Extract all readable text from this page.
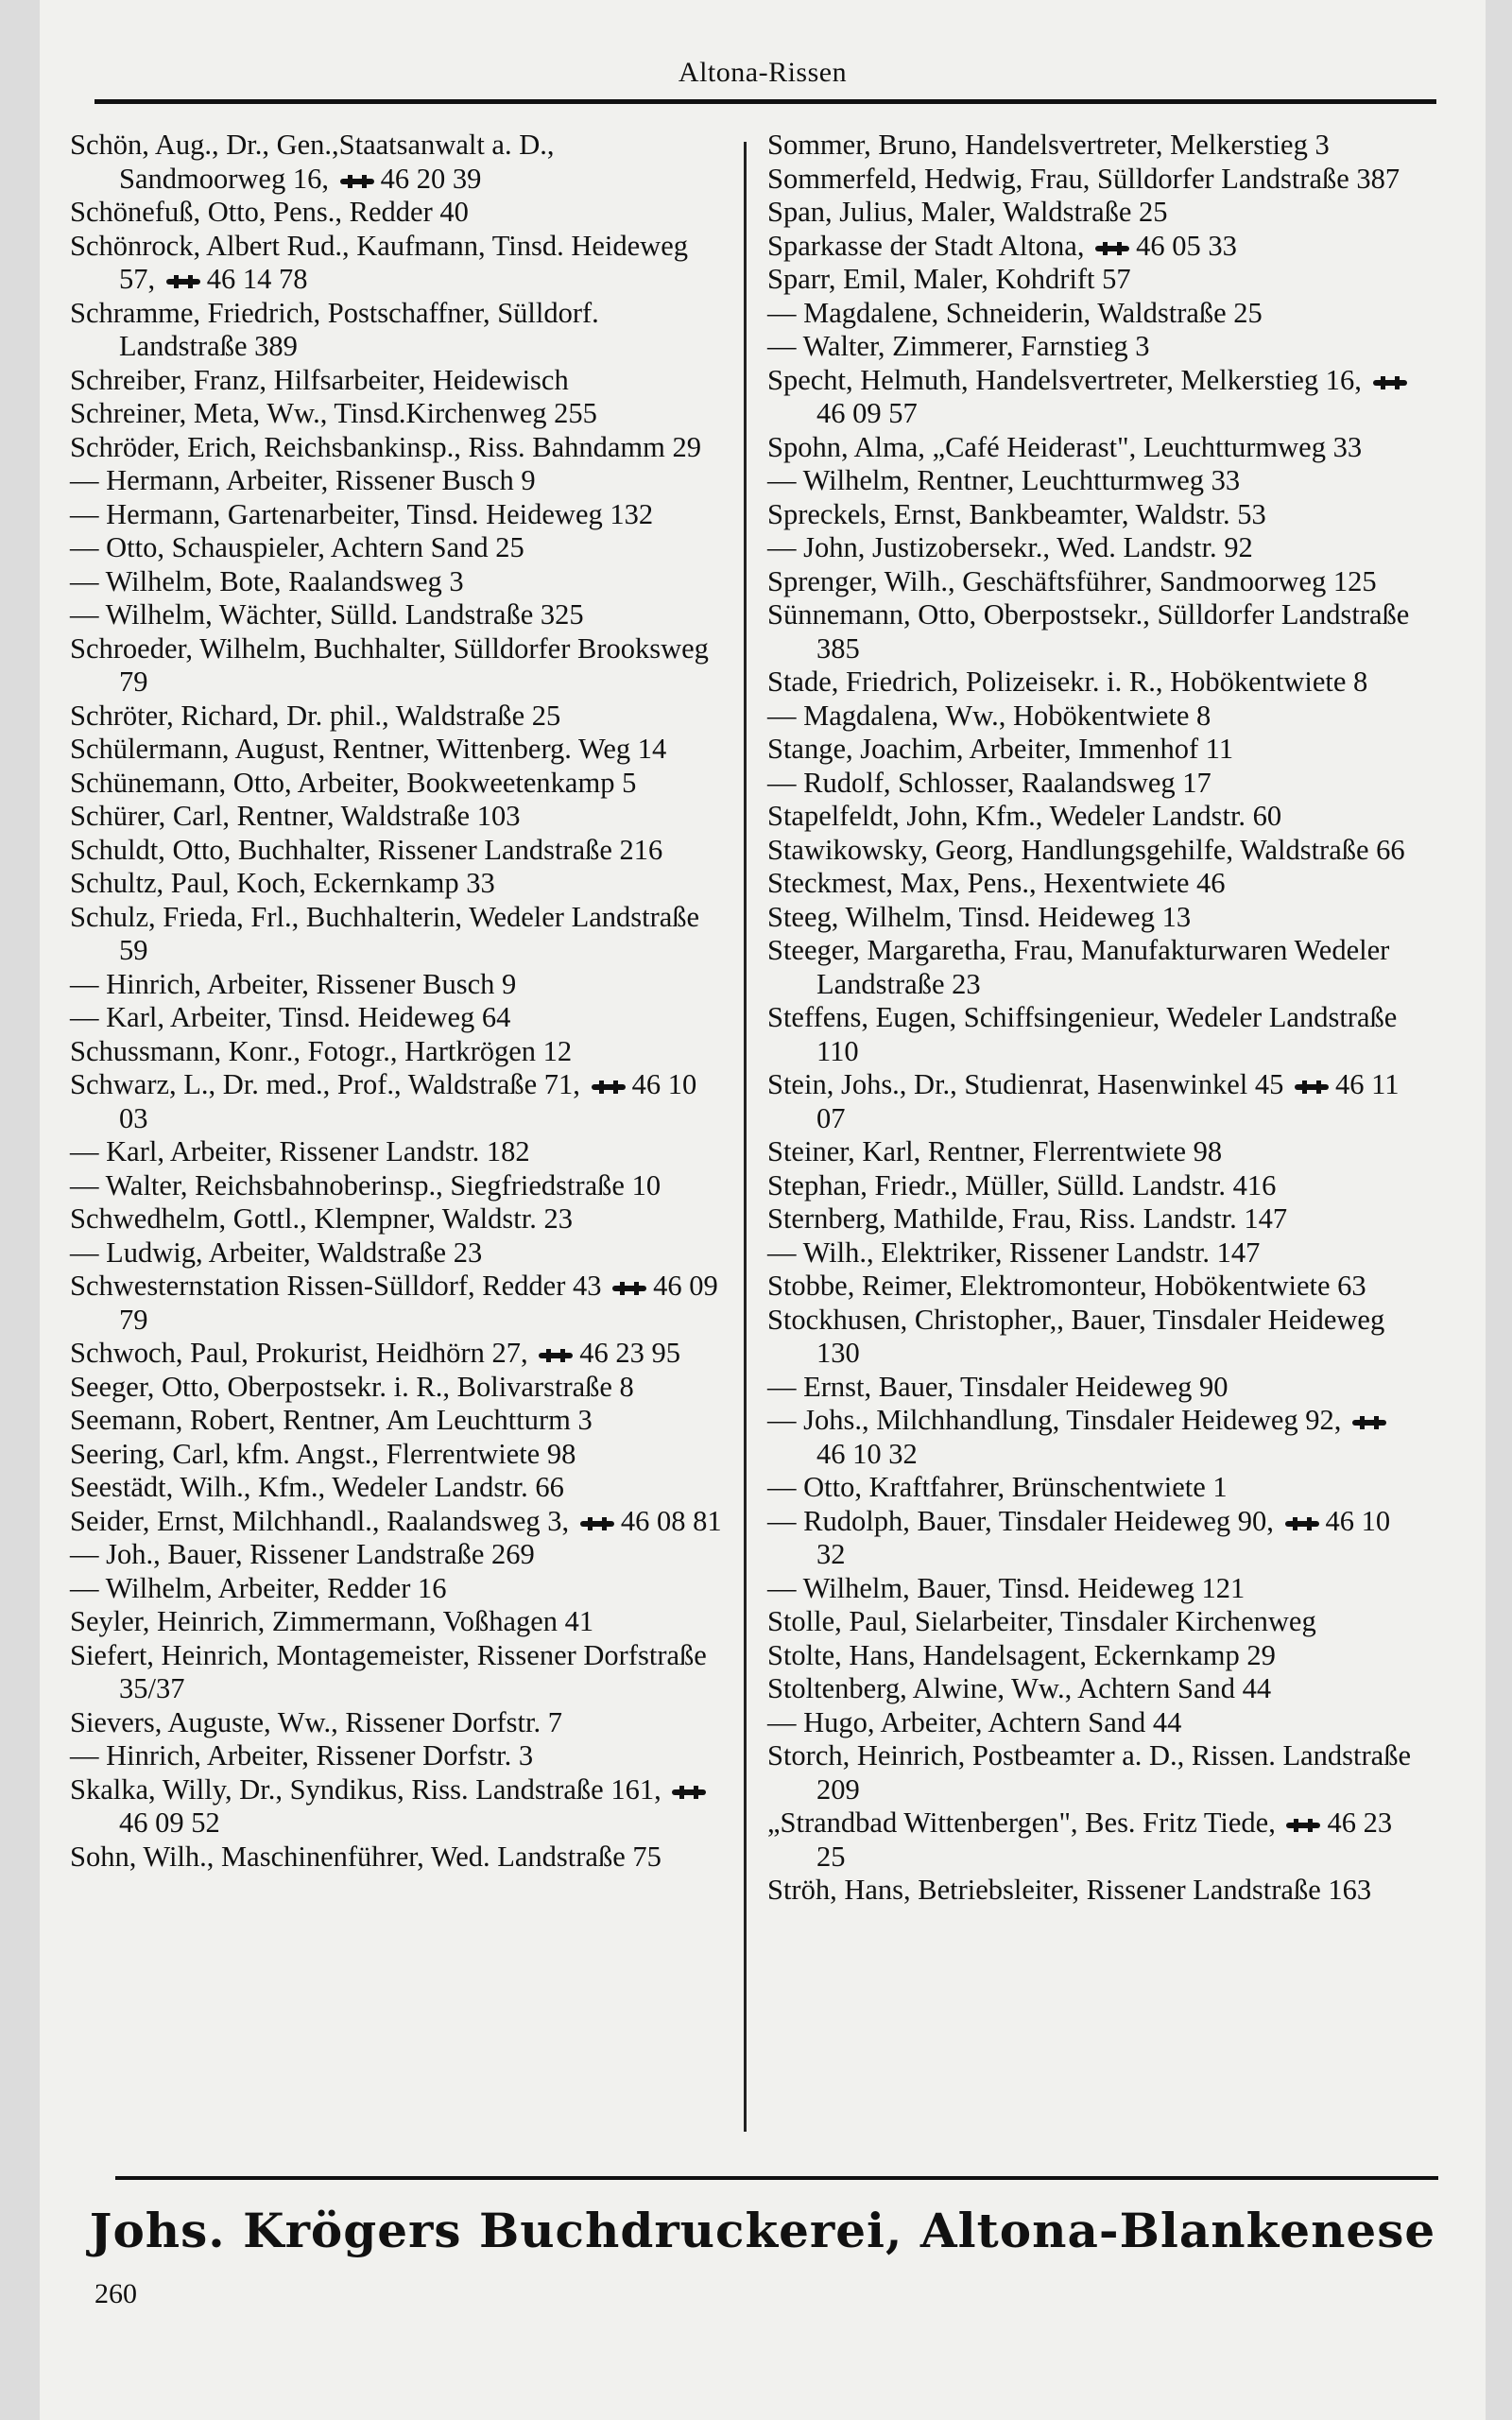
Altona-Rissen

Schön, Aug., Dr., Gen.,Staatsanwalt a. D., Sandmoorweg 16, 46 20 39

Schönefuß, Otto, Pens., Redder 40

Schönrock, Albert Rud., Kaufmann, Tinsd. Heideweg 57, 46 14 78

Schramme, Friedrich, Postschaffner, Sülldorf. Landstraße 389

Schreiber, Franz, Hilfsarbeiter, Heidewisch

Schreiner, Meta, Ww., Tinsd.Kirchenweg 255

Schröder, Erich, Reichsbankinsp., Riss. Bahndamm 29

— Hermann, Arbeiter, Rissener Busch 9

— Hermann, Gartenarbeiter, Tinsd. Heideweg 132

— Otto, Schauspieler, Achtern Sand 25

— Wilhelm, Bote, Raalandsweg 3

— Wilhelm, Wächter, Sülld. Landstraße 325

Schroeder, Wilhelm, Buchhalter, Sülldorfer Brooksweg 79

Schröter, Richard, Dr. phil., Waldstraße 25

Schülermann, August, Rentner, Wittenberg. Weg 14

Schünemann, Otto, Arbeiter, Bookweetenkamp 5

Schürer, Carl, Rentner, Waldstraße 103

Schuldt, Otto, Buchhalter, Rissener Landstraße 216

Schultz, Paul, Koch, Eckernkamp 33

Schulz, Frieda, Frl., Buchhalterin, Wedeler Landstraße 59

— Hinrich, Arbeiter, Rissener Busch 9

— Karl, Arbeiter, Tinsd. Heideweg 64

Schussmann, Konr., Fotogr., Hartkrögen 12

Schwarz, L., Dr. med., Prof., Waldstraße 71, 46 10 03

— Karl, Arbeiter, Rissener Landstr. 182

— Walter, Reichsbahnoberinsp., Siegfriedstraße 10

Schwedhelm, Gottl., Klempner, Waldstr. 23

— Ludwig, Arbeiter, Waldstraße 23

Schwesternstation Rissen-Sülldorf, Redder 43 46 09 79

Schwoch, Paul, Prokurist, Heidhörn 27, 46 23 95

Seeger, Otto, Oberpostsekr. i. R., Bolivarstraße 8

Seemann, Robert, Rentner, Am Leuchtturm 3

Seering, Carl, kfm. Angst., Flerrentwiete 98

Seestädt, Wilh., Kfm., Wedeler Landstr. 66

Seider, Ernst, Milchhandl., Raalandsweg 3, 46 08 81

— Joh., Bauer, Rissener Landstraße 269

— Wilhelm, Arbeiter, Redder 16

Seyler, Heinrich, Zimmermann, Voßhagen 41

Siefert, Heinrich, Montagemeister, Rissener Dorfstraße 35/37

Sievers, Auguste, Ww., Rissener Dorfstr. 7

— Hinrich, Arbeiter, Rissener Dorfstr. 3

Skalka, Willy, Dr., Syndikus, Riss. Landstraße 161, 46 09 52

Sohn, Wilh., Maschinenführer, Wed. Landstraße 75

Sommer, Bruno, Handelsvertreter, Melkerstieg 3

Sommerfeld, Hedwig, Frau, Sülldorfer Landstraße 387

Span, Julius, Maler, Waldstraße 25

Sparkasse der Stadt Altona, 46 05 33

Sparr, Emil, Maler, Kohdrift 57

— Magdalene, Schneiderin, Waldstraße 25

— Walter, Zimmerer, Farnstieg 3

Specht, Helmuth, Handelsvertreter, Melkerstieg 16, 46 09 57

Spohn, Alma, „Café Heiderast", Leuchtturmweg 33

— Wilhelm, Rentner, Leuchtturmweg 33

Spreckels, Ernst, Bankbeamter, Waldstr. 53

— John, Justizobersekr., Wed. Landstr. 92

Sprenger, Wilh., Geschäftsführer, Sandmoorweg 125

Sünnemann, Otto, Oberpostsekr., Sülldorfer Landstraße 385

Stade, Friedrich, Polizeisekr. i. R., Hobökentwiete 8

— Magdalena, Ww., Hobökentwiete 8

Stange, Joachim, Arbeiter, Immenhof 11

— Rudolf, Schlosser, Raalandsweg 17

Stapelfeldt, John, Kfm., Wedeler Landstr. 60

Stawikowsky, Georg, Handlungsgehilfe, Waldstraße 66

Steckmest, Max, Pens., Hexentwiete 46

Steeg, Wilhelm, Tinsd. Heideweg 13

Steeger, Margaretha, Frau, Manufakturwaren Wedeler Landstraße 23

Steffens, Eugen, Schiffsingenieur, Wedeler Landstraße 110

Stein, Johs., Dr., Studienrat, Hasenwinkel 45 46 11 07

Steiner, Karl, Rentner, Flerrentwiete 98

Stephan, Friedr., Müller, Sülld. Landstr. 416

Sternberg, Mathilde, Frau, Riss. Landstr. 147

— Wilh., Elektriker, Rissener Landstr. 147

Stobbe, Reimer, Elektromonteur, Hobökentwiete 63

Stockhusen, Christopher,, Bauer, Tinsdaler Heideweg 130

— Ernst, Bauer, Tinsdaler Heideweg 90

— Johs., Milchhandlung, Tinsdaler Heideweg 92, 46 10 32

— Otto, Kraftfahrer, Brünschentwiete 1

— Rudolph, Bauer, Tinsdaler Heideweg 90, 46 10 32

— Wilhelm, Bauer, Tinsd. Heideweg 121

Stolle, Paul, Sielarbeiter, Tinsdaler Kirchenweg

Stolte, Hans, Handelsagent, Eckernkamp 29

Stoltenberg, Alwine, Ww., Achtern Sand 44

— Hugo, Arbeiter, Achtern Sand 44

Storch, Heinrich, Postbeamter a. D., Rissen. Landstraße 209

„Strandbad Wittenbergen", Bes. Fritz Tiede, 46 23 25

Ströh, Hans, Betriebsleiter, Rissener Landstraße 163

Johs. Krögers Buchdruckerei, Altona-Blankenese
260
